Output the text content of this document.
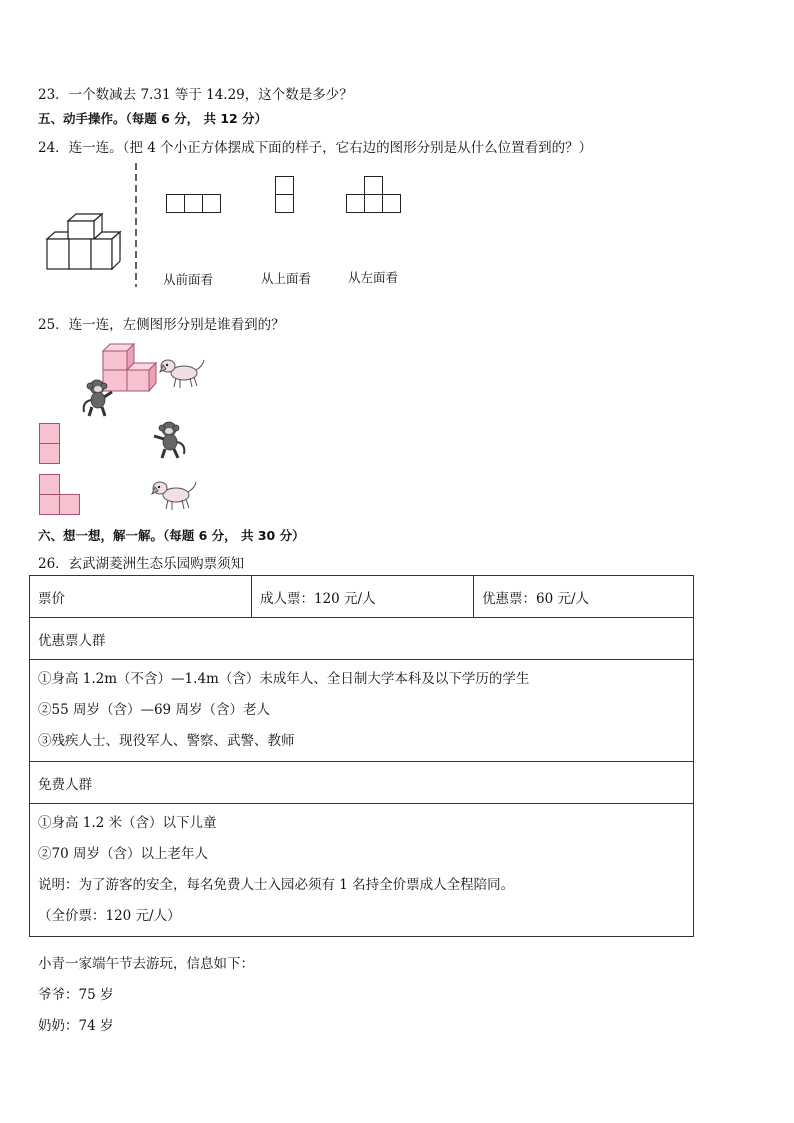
23．一个数减去 7.31 等于 14.29，这个数是多少？
五、动手操作。（每题 6 分， 共 12 分）
24．连一连。（把 4 个小正方体摆成下面的样子，它右边的图形分别是从什么位置看到的？）
从前面看	从上面看	从左面看
25．连一连，左侧图形分别是谁看到的？
六、想一想，解一解。（每题 6 分， 共 30 分）
26．玄武湖菱洲生态乐园购票须知
票价	成人票：120 元/人	优惠票：60 元/人
优惠票人群

①身高 1.2m（不含）—1.4m（含）未成年人、全日制大学本科及以下学历的学生
②55 周岁（含）—69 周岁（含）老人
③残疾人士、现役军人、警察、武警、教师

免费人群

①身高 1.2 米（含）以下儿童
②70 周岁（含）以上老年人
说明：为了游客的安全，每名免费人士入园必须有 1 名持全价票成人全程陪同。
（全价票：120 元/人）
小青一家端午节去游玩，信息如下：
爷爷：75 岁
奶奶：74 岁
